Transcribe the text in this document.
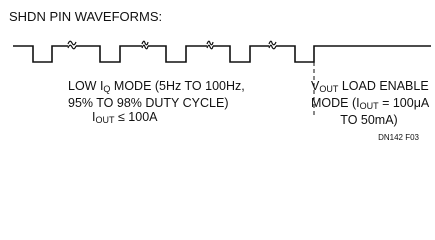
SHDN PIN WAVEFORMS:
LOW $I_Q$ MODE (5Hz TO 100Hz,
95% TO 98% DUTY CYCLE)
$I_{OUT} \le 100A$
$V_{OUT}$ LOAD ENABLE
MODE ($I_{OUT} = 100\mu A$
TO 50mA)
DN142 F03
